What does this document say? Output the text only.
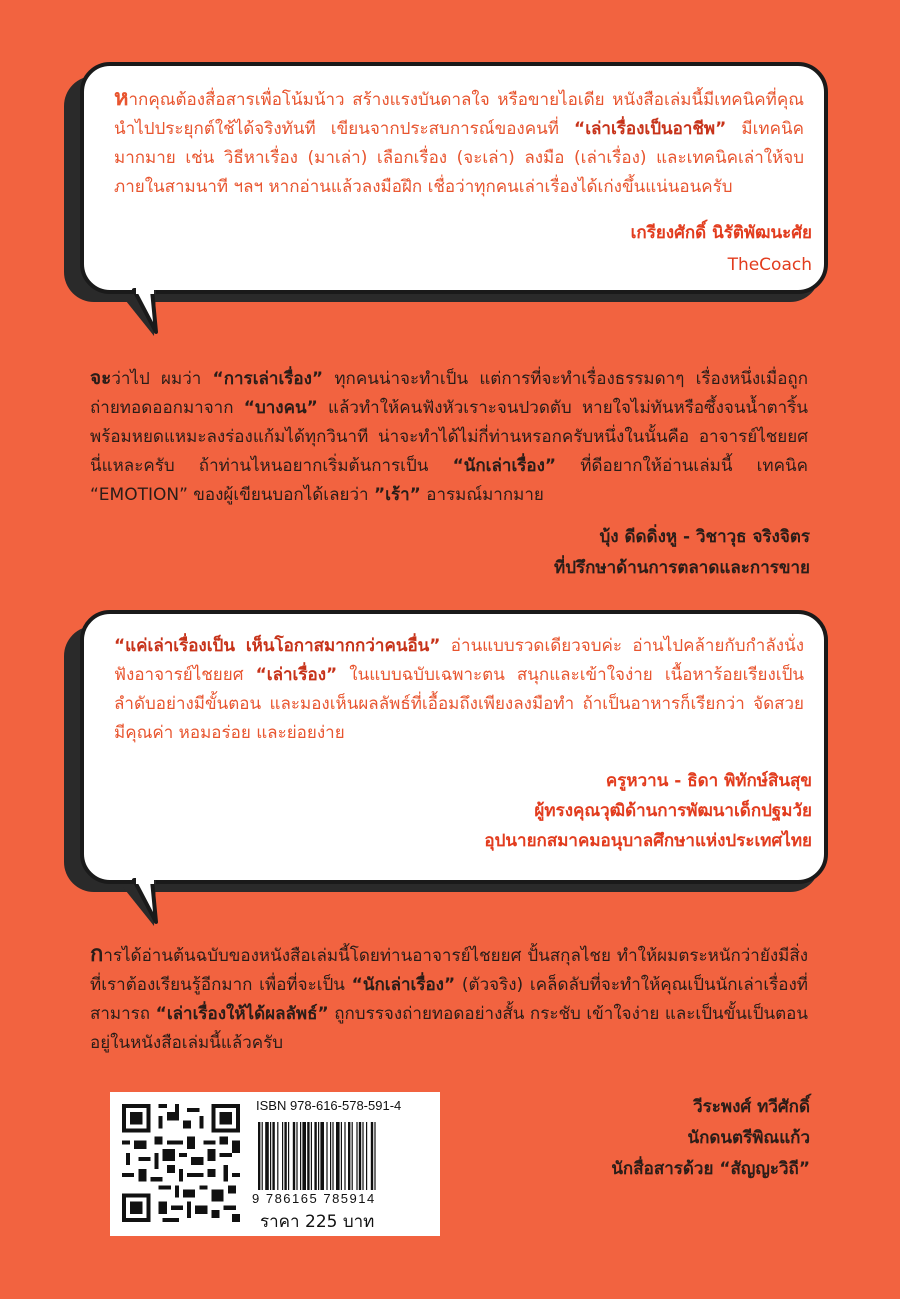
หากคุณต้องสื่อสารเพื่อโน้มน้าว สร้างแรงบันดาลใจ หรือขายไอเดีย หนังสือเล่มนี้มีเทคนิคที่คุณนำไปประยุกต์ใช้ได้จริงทันที เขียนจากประสบการณ์ของคนที่ “เล่าเรื่องเป็นอาชีพ” มีเทคนิคมากมาย เช่น วิธีหาเรื่อง (มาเล่า) เลือกเรื่อง (จะเล่า) ลงมือ (เล่าเรื่อง) และเทคนิคเล่าให้จบภายในสามนาที ฯลฯ หากอ่านแล้วลงมือฝึก เชื่อว่าทุกคนเล่าเรื่องได้เก่งขึ้นแน่นอนครับ
เกรียงศักดิ์ นิรัติพัฒนะศัย
TheCoach
จะว่าไป ผมว่า “การเล่าเรื่อง” ทุกคนน่าจะทำเป็น แต่การที่จะทำเรื่องธรรมดาๆ เรื่องหนึ่งเมื่อถูกถ่ายทอดออกมาจาก “บางคน” แล้วทำให้คนฟังหัวเราะจนปวดตับ หายใจไม่ทันหรือซึ้งจนน้ำตาริ้น พร้อมหยดแหมะลงร่องแก้มได้ทุกวินาที น่าจะทำได้ไม่กี่ท่านหรอกครับหนึ่งในนั้นคือ อาจารย์ไชยยศ นี่แหละครับ ถ้าท่านไหนอยากเริ่มต้นการเป็น “นักเล่าเรื่อง” ที่ดีอยากให้อ่านเล่มนี้ เทคนิค “EMOTION” ของผู้เขียนบอกได้เลยว่า ”เร้า” อารมณ์มากมาย
บุ้ง ดีดดิ่งหู - วิชาวุธ จริงจิตร
ที่ปรึกษาด้านการตลาดและการขาย
“แค่เล่าเรื่องเป็น เห็นโอกาสมากกว่าคนอื่น” อ่านแบบรวดเดียวจบค่ะ อ่านไปคล้ายกับกำลังนั่งฟังอาจารย์ไชยยศ “เล่าเรื่อง” ในแบบฉบับเฉพาะตน สนุกและเข้าใจง่าย เนื้อหาร้อยเรียงเป็นลำดับอย่างมีขั้นตอน และมองเห็นผลลัพธ์ที่เอื้อมถึงเพียงลงมือทำ ถ้าเป็นอาหารก็เรียกว่า จัดสวย มีคุณค่า หอมอร่อย และย่อยง่าย
ครูหวาน - ธิดา พิทักษ์สินสุข
ผู้ทรงคุณวุฒิด้านการพัฒนาเด็กปฐมวัย
อุปนายกสมาคมอนุบาลศึกษาแห่งประเทศไทย
การได้อ่านต้นฉบับของหนังสือเล่มนี้โดยท่านอาจารย์ไชยยศ ปั้นสกุลไชย ทำให้ผมตระหนักว่ายังมีสิ่งที่เราต้องเรียนรู้อีกมาก เพื่อที่จะเป็น “นักเล่าเรื่อง” (ตัวจริง) เคล็ดลับที่จะทำให้คุณเป็นนักเล่าเรื่องที่สามารถ “เล่าเรื่องให้ได้ผลลัพธ์” ถูกบรรจงถ่ายทอดอย่างสั้น กระชับ เข้าใจง่าย และเป็นขั้นเป็นตอนอยู่ในหนังสือเล่มนี้แล้วครับ
วีระพงศ์ ทวีศักดิ์
นักดนตรีพิณแก้ว
นักสื่อสารด้วย “สัญญะวิถี”
ISBN 978-616-578-591-4
9 786165 785914
ราคา 225 บาท
